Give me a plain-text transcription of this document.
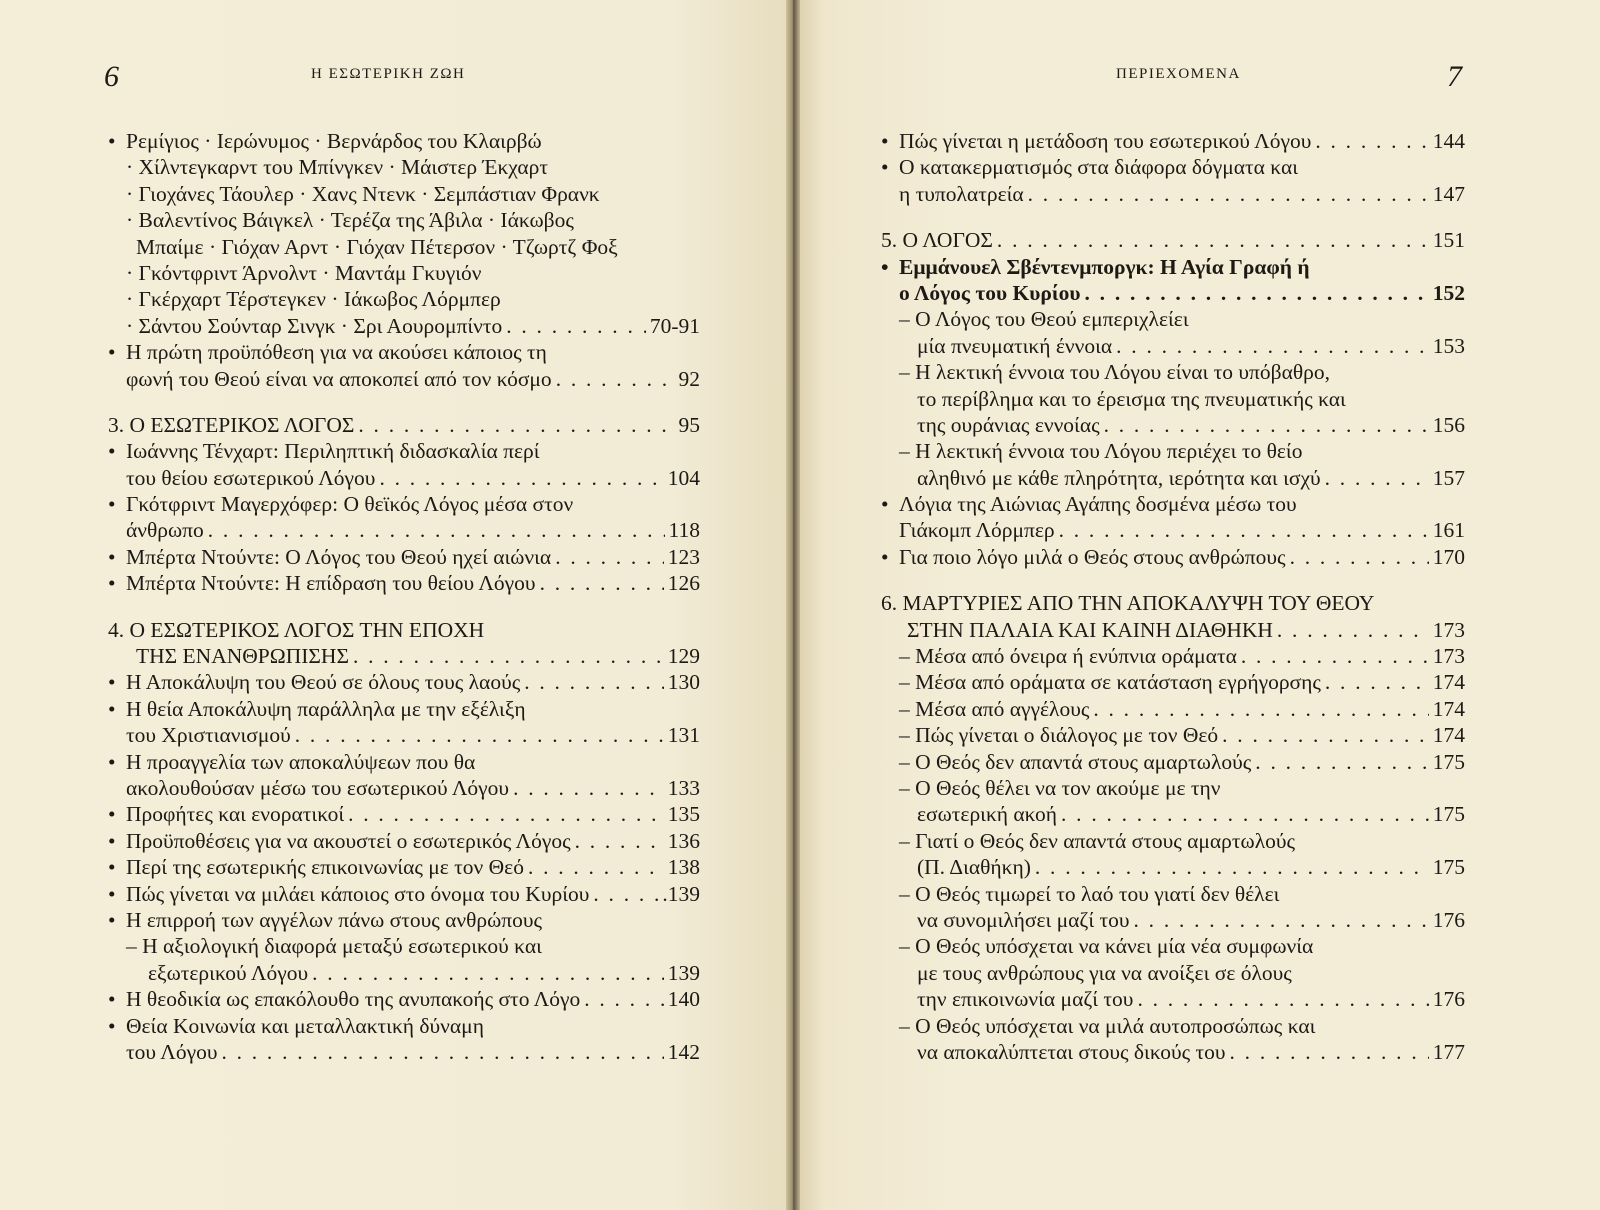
6	Η ΕΣΩΤΕΡΙΚΗ ΖΩΗ
• Ρεμίγιος · Ιερώνυμος · Βερνάρδος του Κλαιρβώ
· Χίλντεγκαρντ του Μπίνγκεν · Μάιστερ Έκχαρτ
· Γιοχάνες Τάουλερ · Χανς Ντενκ · Σεμπάστιαν Φρανκ
· Βαλεντίνος Βάιγκελ · Τερέζα της Άβιλα · Ιάκωβος
Μπαίμε · Γιόχαν Αρντ · Γιόχαν Πέτερσον · Τζωρτζ Φοξ
· Γκόντφριντ Άρνολντ · Μαντάμ Γκυγιόν
· Γκέρχαρτ Τέρστεγκεν · Ιάκωβος Λόρμπερ
· Σάντου Σούνταρ Σινγκ · Σρι Αουρομπίντο . . .	70-91
• Η πρώτη προϋπόθεση για να ακούσει κάποιος τη
φωνή του Θεού είναι να αποκοπεί από τον κόσμο . . .	92
3. Ο ΕΣΩΤΕΡΙΚΟΣ ΛΟΓΟΣ . . .	95
• Ιωάννης Τένχαρτ: Περιληπτική διδασκαλία περί
του θείου εσωτερικού Λόγου . . .	104
• Γκότφριντ Μαγερχόφερ: Ο θεϊκός Λόγος μέσα στον
άνθρωπο . . .	118
• Μπέρτα Ντούντε: Ο Λόγος του Θεού ηχεί αιώνια . . .	123
• Μπέρτα Ντούντε: Η επίδραση του θείου Λόγου . . .	126
4. Ο ΕΣΩΤΕΡΙΚΟΣ ΛΟΓΟΣ ΤΗΝ ΕΠΟΧΗ
ΤΗΣ ΕΝΑΝΘΡΩΠΙΣΗΣ . . .	129
• Η Αποκάλυψη του Θεού σε όλους τους λαούς . . .	130
• Η θεία Αποκάλυψη παράλληλα με την εξέλιξη
του Χριστιανισμού . . .	131
• Η προαγγελία των αποκαλύψεων που θα
ακολουθούσαν μέσω του εσωτερικού Λόγου . . .	133
• Προφήτες και ενορατικοί . . .	135
• Προϋποθέσεις για να ακουστεί ο εσωτερικός Λόγος . . .	136
• Περί της εσωτερικής επικοινωνίας με τον Θεό . . .	138
• Πώς γίνεται να μιλάει κάποιος στο όνομα του Κυρίου . . .	.139
• Η επιρροή των αγγέλων πάνω στους ανθρώπους
– Η αξιολογική διαφορά μεταξύ εσωτερικού και
εξωτερικού Λόγου . . .	139
• Η θεοδικία ως επακόλουθο της ανυπακοής στο Λόγο . . .	140
• Θεία Κοινωνία και μεταλλακτική δύναμη
του Λόγου . . .	142
ΠΕΡΙΕΧΟΜΕΝΑ	7
• Πώς γίνεται η μετάδοση του εσωτερικού Λόγου . . .	144
• Ο κατακερματισμός στα διάφορα δόγματα και
η τυπολατρεία . . .	147
5. Ο ΛΟΓΟΣ . . .	151
• Εμμάνουελ Σβέντενμποργκ: Η Αγία Γραφή ή
ο Λόγος του Κυρίου . . .	152
– Ο Λόγος του Θεού εμπεριχλείει
μία πνευματική έννοια . . .	153
– Η λεκτική έννοια του Λόγου είναι το υπόβαθρο,
το περίβλημα και το έρεισμα της πνευματικής και
της ουράνιας εννοίας . . .	156
– Η λεκτική έννοια του Λόγου περιέχει το θείο
αληθινό με κάθε πληρότητα, ιερότητα και ισχύ . . .	157
• Λόγια της Αιώνιας Αγάπης δοσμένα μέσω του
Γιάκομπ Λόρμπερ . . .	161
• Για ποιο λόγο μιλά ο Θεός στους ανθρώπους . . .	170
6. ΜΑΡΤΥΡΙΕΣ ΑΠΟ ΤΗΝ ΑΠΟΚΑΛΥΨΗ ΤΟΥ ΘΕΟΥ
ΣΤΗΝ ΠΑΛΑΙΑ ΚΑΙ ΚΑΙΝΗ ΔΙΑΘΗΚΗ . . .	173
– Μέσα από όνειρα ή ενύπνια οράματα . . .	173
– Μέσα από οράματα σε κατάσταση εγρήγορσης . . .	174
– Μέσα από αγγέλους . . .	174
– Πώς γίνεται ο διάλογος με τον Θεό . . .	174
– Ο Θεός δεν απαντά στους αμαρτωλούς . . .	175
– Ο Θεός θέλει να τον ακούμε με την
εσωτερική ακοή . . .	175
– Γιατί ο Θεός δεν απαντά στους αμαρτωλούς
(Π. Διαθήκη) . . .	175
– Ο Θεός τιμωρεί το λαό του γιατί δεν θέλει
να συνομιλήσει μαζί του . . .	176
– Ο Θεός υπόσχεται να κάνει μία νέα συμφωνία
με τους ανθρώπους για να ανοίξει σε όλους
την επικοινωνία μαζί του . . .	176
– Ο Θεός υπόσχεται να μιλά αυτοπροσώπως και
να αποκαλύπτεται στους δικούς του . . .	177
